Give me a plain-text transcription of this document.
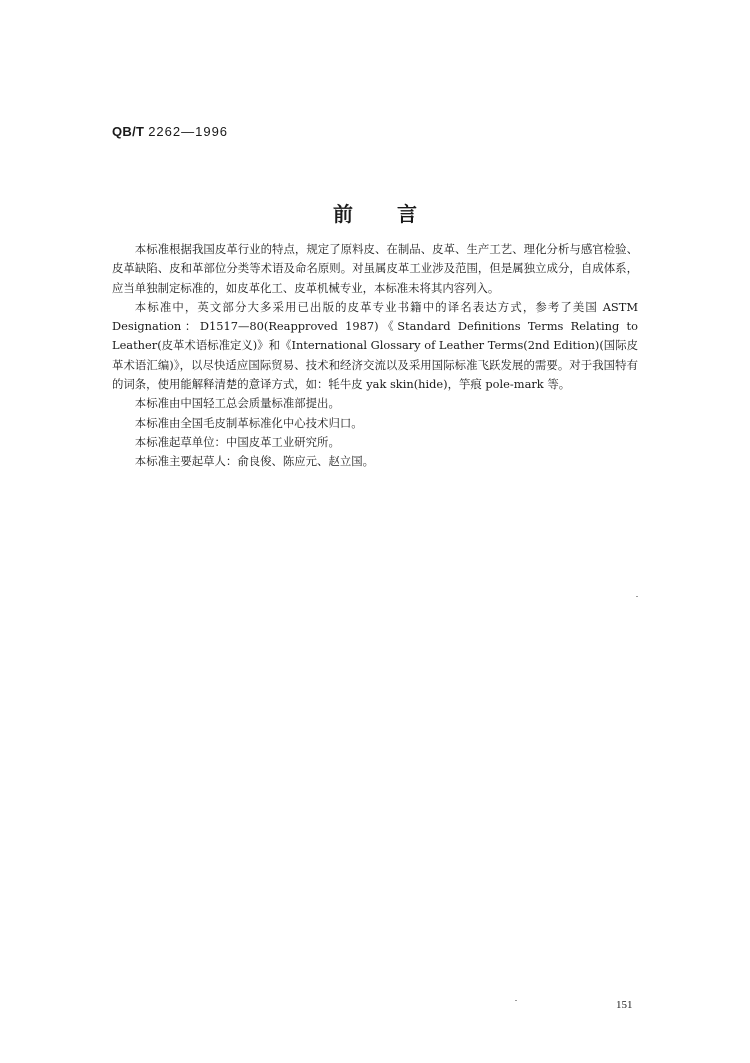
QB/T 2262—1996
前言

本标准根据我国皮革行业的特点，规定了原料皮、在制品、皮革、生产工艺、理化分析与感官检验、皮革缺陷、皮和革部位分类等术语及命名原则。对虽属皮革工业涉及范围，但是属独立成分，自成体系，应当单独制定标准的，如皮革化工、皮革机械专业，本标准未将其内容列入。

本标准中，英文部分大多采用已出版的皮革专业书籍中的译名表达方式，参考了美国 ASTM Designation：D1517—80(Reapproved 1987)《Standard Definitions Terms Relating to Leather(皮革术语标准定义)》和《International Glossary of Leather Terms(2nd Edition)(国际皮革术语汇编)》，以尽快适应国际贸易、技术和经济交流以及采用国际标准飞跃发展的需要。对于我国特有的词条，使用能解释清楚的意译方式，如：牦牛皮 yak skin(hide)，竽痕 pole-mark 等。

本标准由中国轻工总会质量标准部提出。

本标准由全国毛皮制革标准化中心技术归口。

本标准起草单位：中国皮革工业研究所。

本标准主要起草人：俞良俊、陈应元、赵立国。

151
